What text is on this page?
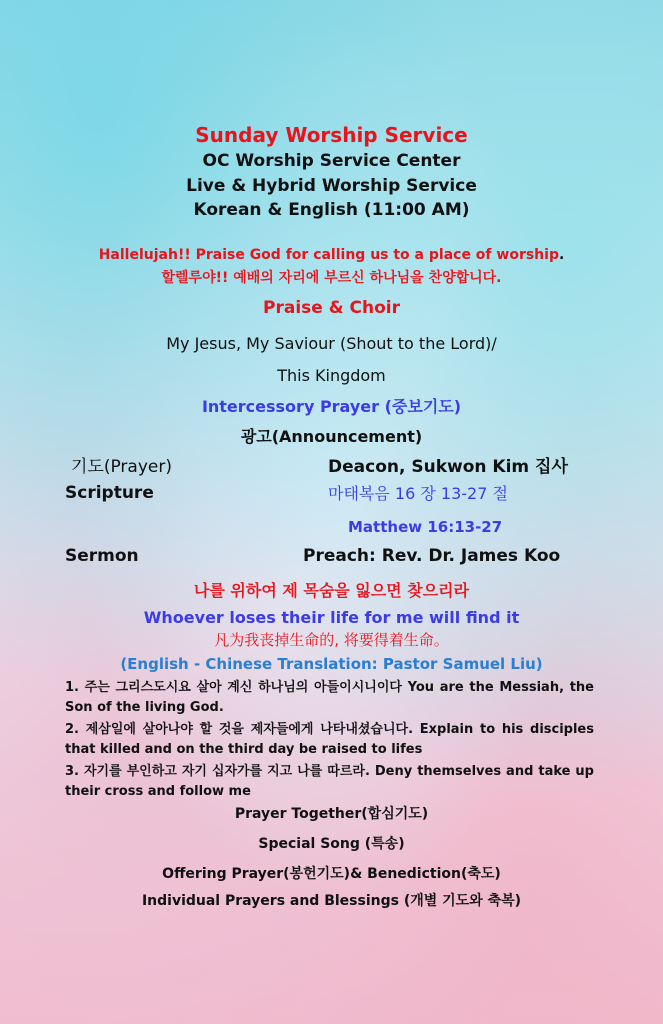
Sunday Worship Service
OC Worship Service Center
Live & Hybrid Worship Service
Korean & English (11:00 AM)
Hallelujah!! Praise God for calling us to a place of worship.
할렐루야!! 예배의 자리에 부르신 하나님을 찬양합니다.
Praise & Choir
My Jesus, My Saviour (Shout to the Lord)/
This Kingdom
Intercessory Prayer (중보기도)
광고(Announcement)
기도(Prayer)	Deacon, Sukwon Kim 집사
Scripture	마태복음 16 장 13-27 절
Matthew 16:13-27
Sermon	Preach: Rev. Dr. James Koo
나를 위하여 제 목숨을 잃으면 찾으리라
Whoever loses their life for me will find it
凡为我丧掉生命的, 将要得着生命。
(English - Chinese Translation: Pastor Samuel Liu)
1. 주는 그리스도시요 살아 계신 하나님의 아들이시니이다 You are the Messiah, the Son of the living God.
2. 제삼일에 살아나야 할 것을 제자들에게 나타내셨습니다. Explain to his disciples that killed and on the third day be raised to lifes
3. 자기를 부인하고 자기 십자가를 지고 나를 따르라. Deny themselves and take up their cross and follow me
Prayer Together(합심기도)
Special Song (특송)
Offering Prayer(봉헌기도)& Benediction(축도)
Individual Prayers and Blessings (개별 기도와 축복)
